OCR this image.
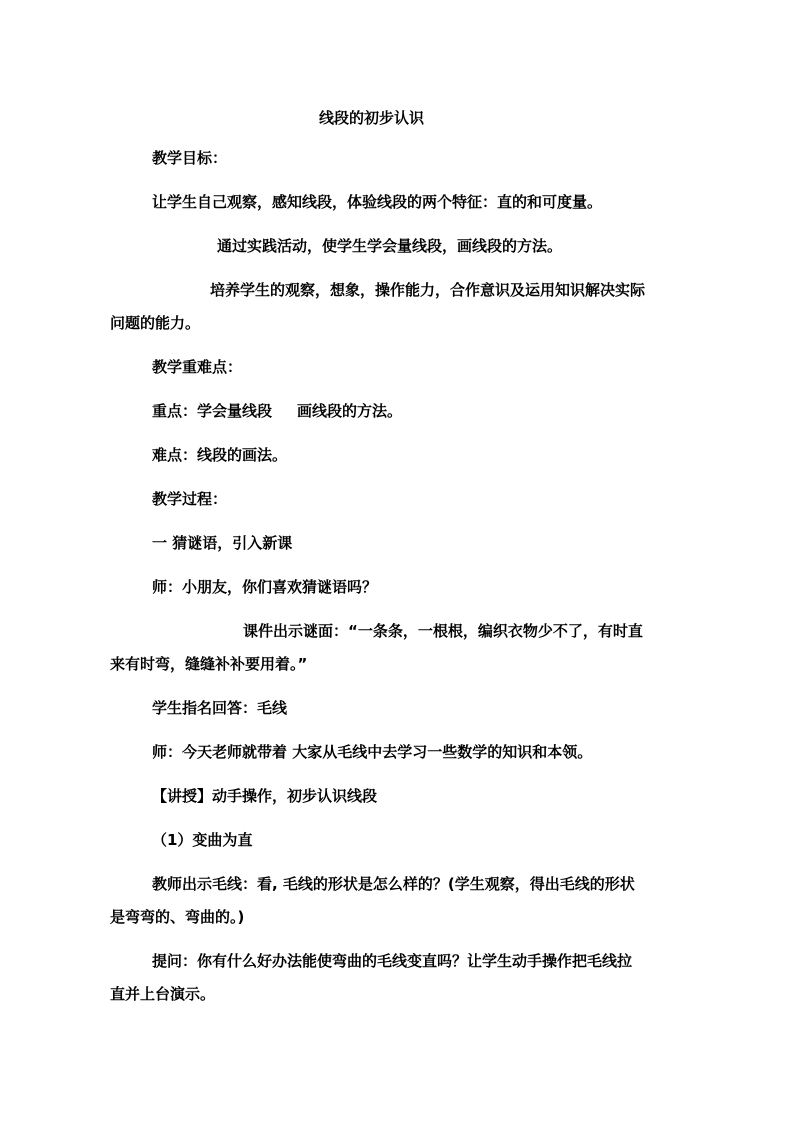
线段的初步认识
教学目标：
让学生自己观察，感知线段，体验线段的两个特征：直的和可度量。
通过实践活动，使学生学会量线段，画线段的方法。
培养学生的观察，想象，操作能力，合作意识及运用知识解决实际
问题的能力。
教学重难点：
重点：学会量线段 画线段的方法。
难点：线段的画法。
教学过程：
一 猜谜语，引入新课
师：小朋友，你们喜欢猜谜语吗？
课件出示谜面：“一条条，一根根，编织衣物少不了，有时直
来有时弯，缝缝补补要用着。”
学生指名回答：毛线
师：今天老师就带着 大家从毛线中去学习一些数学的知识和本领。
【讲授】动手操作，初步认识线段
（1）变曲为直
教师出示毛线：看, 毛线的形状是怎么样的？(学生观察，得出毛线的形状
是弯弯的、弯曲的。)
提问：你有什么好办法能使弯曲的毛线变直吗？让学生动手操作把毛线拉
直并上台演示。
